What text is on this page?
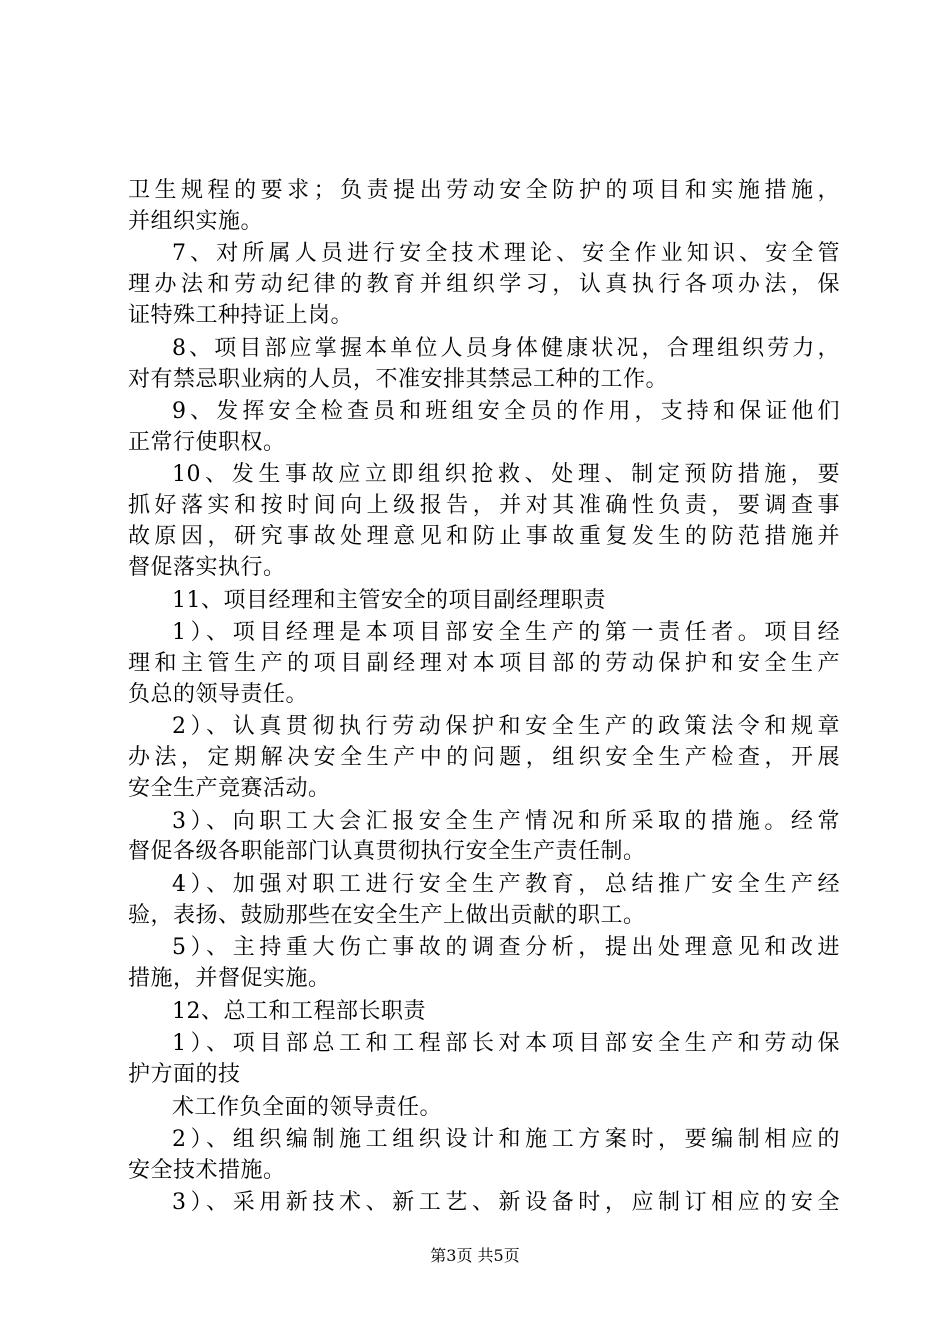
卫生规程的要求；负责提出劳动安全防护的项目和实施措施，
并组织实施。
7、对所属人员进行安全技术理论、安全作业知识、安全管
理办法和劳动纪律的教育并组织学习，认真执行各项办法，保
证特殊工种持证上岗。
8、项目部应掌握本单位人员身体健康状况，合理组织劳力，
对有禁忌职业病的人员，不准安排其禁忌工种的工作。
9、发挥安全检查员和班组安全员的作用，支持和保证他们
正常行使职权。
10、发生事故应立即组织抢救、处理、制定预防措施，要
抓好落实和按时间向上级报告，并对其准确性负责，要调查事
故原因，研究事故处理意见和防止事故重复发生的防范措施并
督促落实执行。
11、项目经理和主管安全的项目副经理职责
1）、项目经理是本项目部安全生产的第一责任者。项目经
理和主管生产的项目副经理对本项目部的劳动保护和安全生产
负总的领导责任。
2）、认真贯彻执行劳动保护和安全生产的政策法令和规章
办法，定期解决安全生产中的问题，组织安全生产检查，开展
安全生产竞赛活动。
3）、向职工大会汇报安全生产情况和所采取的措施。经常
督促各级各职能部门认真贯彻执行安全生产责任制。
4）、加强对职工进行安全生产教育，总结推广安全生产经
验，表扬、鼓励那些在安全生产上做出贡献的职工。
5）、主持重大伤亡事故的调查分析，提出处理意见和改进
措施，并督促实施。
12、总工和工程部长职责
1）、项目部总工和工程部长对本项目部安全生产和劳动保
护方面的技
术工作负全面的领导责任。
2）、组织编制施工组织设计和施工方案时，要编制相应的
安全技术措施。
3）、采用新技术、新工艺、新设备时，应制订相应的安全
第3页 共5页
